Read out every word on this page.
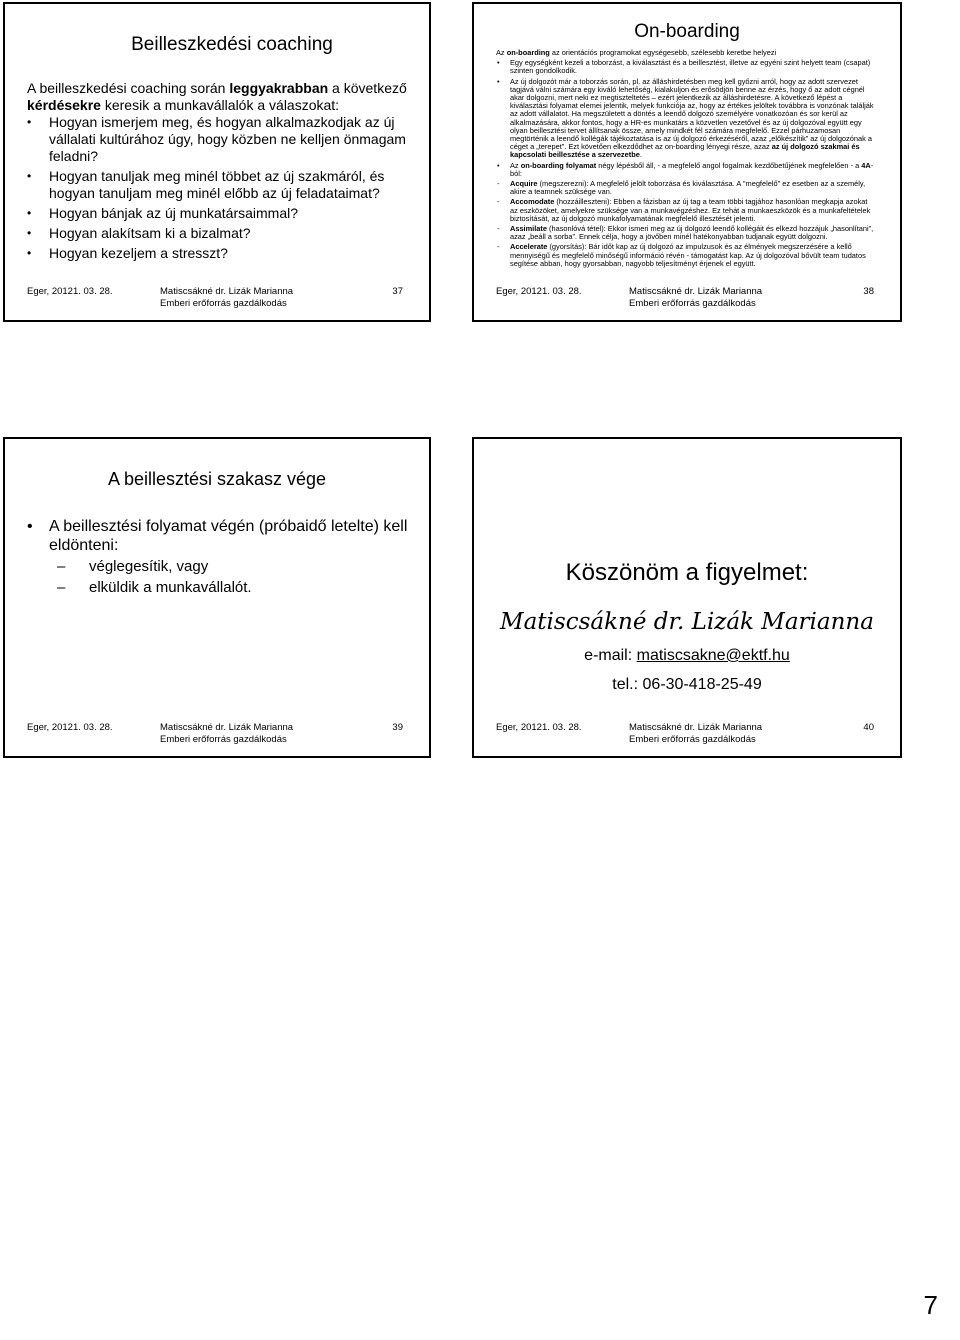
Beilleszkedési coaching

A beilleszkedési coaching során leggyakrabban a következő kérdésekre keresik a munkavállalók a válaszokat:

• Hogyan ismerjem meg, és hogyan alkalmazkodjak az új vállalati kultúrához úgy, hogy közben ne kelljen önmagam feladni?
• Hogyan tanuljak meg minél többet az új szakmáról, és hogyan tanuljam meg minél előbb az új feladataimat?
• Hogyan bánjak az új munkatársaimmal?
• Hogyan alakítsam ki a bizalmat?
• Hogyan kezeljem a stresszt?
Eger, 20121. 03. 28.	Matiscsákné dr. Lizák Marianna
Emberi erőforrás gazdálkodás
37
On-boarding

Az on-boarding az orientációs programokat egységesebb, szélesebb keretbe helyezi

• Egy egységként kezeli a toborzást, a kiválasztást és a beillesztést, illetve az egyéni szint helyett team (csapat) szinten gondolkodik.
• Az új dolgozót már a toborzás során, pl. az álláshirdetésben meg kell győzni arról, hogy az adott szervezet tagjává válni számára egy kiváló lehetőség, kialakuljon és erősödjön benne az érzés, hogy ő az adott cégnél akar dolgozni, mert neki ez megtiszteltetés – ezért jelentkezik az álláshirdetésre. A következő lépést a kiválasztási folyamat elemei jelentik, melyek funkciója az, hogy az értékes jelöltek továbbra is vonzónak találják az adott vállalatot. Ha megszületett a döntés a leendő dolgozó személyére vonatkozóan és sor kerül az alkalmazására, akkor fontos, hogy a HR-es munkatárs a közvetlen vezetővel és az új dolgozóval együtt egy olyan beillesztési tervet állítsanak össze, amely mindkét fél számára megfelelő. Ezzel párhuzamosan megtörténik a leendő kollégák tájékoztatása is az új dolgozó érkezéséről, azaz „előkészítik” az új dolgozónak a céget a „terepet”. Ezt követően elkezdődhet az on-boarding lényegi része, azaz az új dolgozó szakmai és kapcsolati beillesztése a szervezetbe.
• Az on-boarding folyamat négy lépésből áll, - a megfelelő angol fogalmak kezdőbetűjének megfelelően - a 4A-ból:
- Acquire (megszerezni): A megfelelő jelölt toborzása és kiválasztása. A "megfelelő" ez esetben az a személy, akire a teamnek szüksége van.
- Accomodate (hozzáilleszteni): Ebben a fázisban az új tag a team többi tagjához hasonlóan megkapja azokat az eszközöket, amelyekre szüksége van a munkavégzéshez. Ez tehát a munkaeszközök és a munkafeltételek biztosítását, az új dolgozó munkafolyamatának megfelelő illesztését jelenti.
- Assimilate (hasonlóvá tétel): Ekkor ismeri meg az új dolgozó leendő kollégáit és elkezd hozzájuk „hasonlítani”, azaz „beáll a sorba”. Ennek célja, hogy a jövőben minél hatékonyabban tudjanak együtt dolgozni.
- Accelerate (gyorsítás): Bár időt kap az új dolgozó az impulzusok és az élmények megszerzésére a kellő mennyiségű és megfelelő minőségű információ révén - támogatást kap. Az új dolgozóval bővült team tudatos segítése abban, hogy gyorsabban, nagyobb teljesítményt érjenek el együtt.
Eger, 20121. 03. 28.	Matiscsákné dr. Lizák Marianna
Emberi erőforrás gazdálkodás
38
A beillesztési szakasz vége
• A beillesztési folyamat végén (próbaidő letelte) kell eldönteni:
– véglegesítik, vagy
– elküldik a munkavállalót.
Eger, 20121. 03. 28.	Matiscsákné dr. Lizák Marianna
Emberi erőforrás gazdálkodás
39
Köszönöm a figyelmet:
Matiscsákné dr. Lizák Marianna
e-mail: matiscsakne@ektf.hu
tel.: 06-30-418-25-49
Eger, 20121. 03. 28.	Matiscsákné dr. Lizák Marianna
Emberi erőforrás gazdálkodás
40
7
